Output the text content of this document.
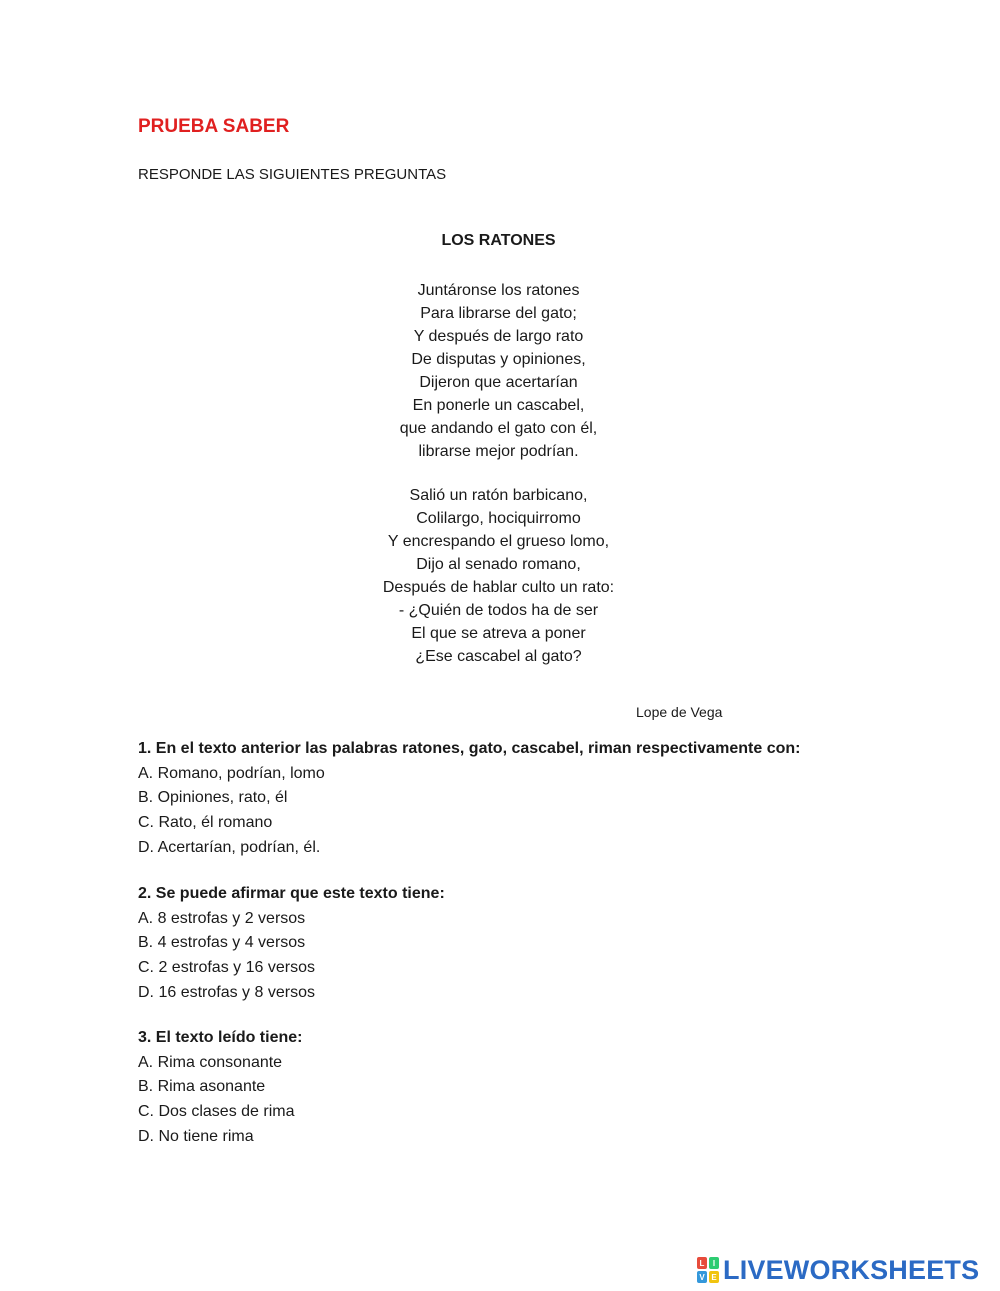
PRUEBA SABER

RESPONDE LAS SIGUIENTES PREGUNTAS

LOS RATONES
Juntáronse los ratones
Para librarse del gato;
Y después de largo rato
De disputas y opiniones,
Dijeron que acertarían
En ponerle un cascabel,
que andando el gato con él,
librarse mejor podrían.
Salió un ratón barbicano,
Colilargo, hociquirromo
Y encrespando el grueso lomo,
Dijo al senado romano,
Después de hablar culto un rato:
- ¿Quién de todos ha de ser
El que se atreva a poner
¿Ese cascabel al gato?

Lope de Vega

1. En el texto anterior las palabras ratones, gato, cascabel, riman respectivamente con:
A. Romano, podrían, lomo
B. Opiniones, rato, él
C. Rato, él romano
D. Acertarían, podrían, él.
2. Se puede afirmar que este texto tiene:
A. 8 estrofas y 2 versos
B. 4 estrofas y 4 versos
C. 2 estrofas y 16 versos
D. 16 estrofas y 8 versos
3. El texto leído tiene:
A. Rima consonante
B. Rima asonante
C. Dos clases de rima
D. No tiene rima
L	I
V E LIVEWORKSHEETS
